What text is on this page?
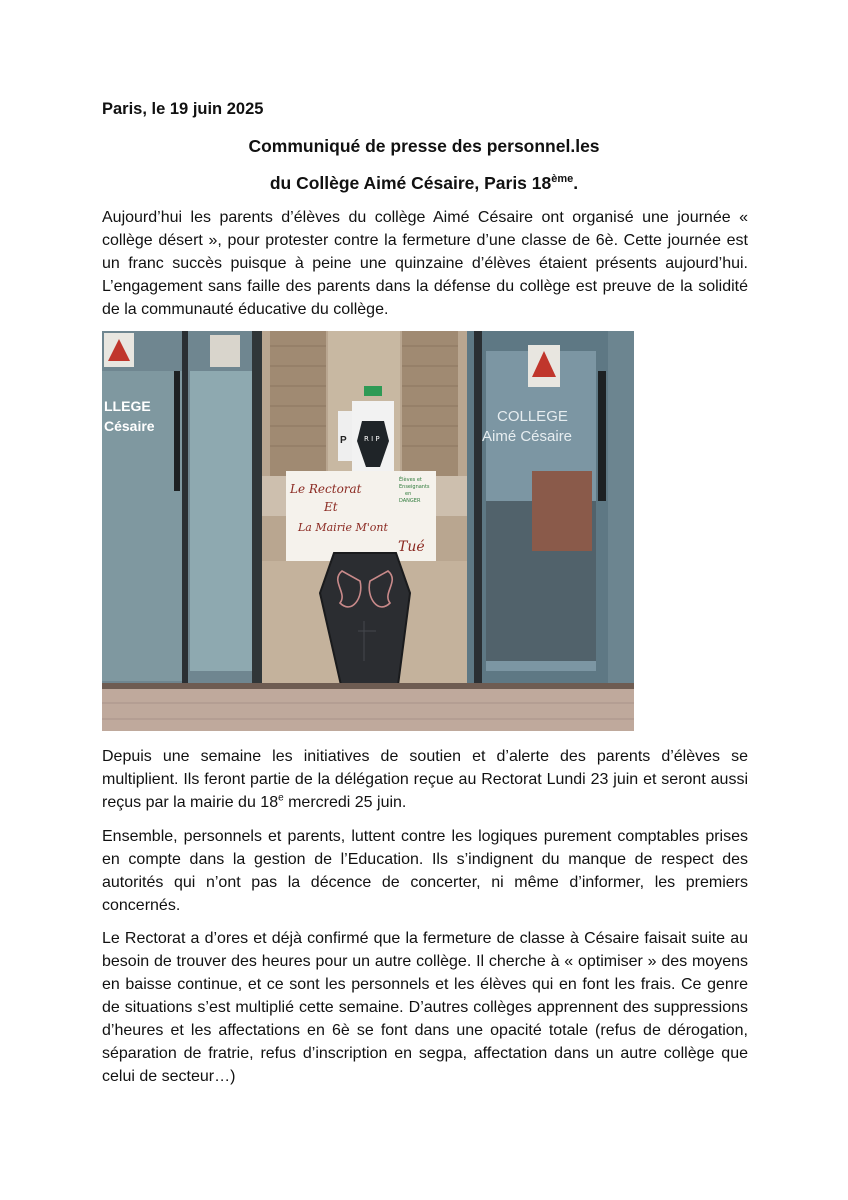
Paris, le 19 juin 2025
Communiqué de presse des personnel.les
du Collège Aimé Césaire, Paris 18ème.

Aujourd’hui les parents d’élèves du collège Aimé Césaire ont organisé une journée « collège désert », pour protester contre la fermeture d’une classe de 6è. Cette journée est un franc succès puisque à peine une quinzaine d’élèves étaient présents aujourd’hui. L’engagement sans faille des parents dans la défense du collège est preuve de la solidité de la communauté éducative du collège.

LLEGE
Césaire
R I P
P
Le Rectorat
Et
La Mairie M'ont
Tué
Élèves et
Enseignants
en
DANGER
COLLEGE
Aimé Césaire

Depuis une semaine les initiatives de soutien et d’alerte des parents d’élèves se multiplient. Ils feront partie de la délégation reçue au Rectorat Lundi 23 juin et seront aussi reçus par la mairie du 18e mercredi 25 juin.

Ensemble, personnels et parents, luttent contre les logiques purement comptables prises en compte dans la gestion de l’Education. Ils s’indignent du manque de respect des autorités qui n’ont pas la décence de concerter, ni même d’informer, les premiers concernés.

Le Rectorat a d’ores et déjà confirmé que la fermeture de classe à Césaire faisait suite au besoin de trouver des heures pour un autre collège. Il cherche à « optimiser » des moyens en baisse continue, et ce sont les personnels et les élèves qui en font les frais. Ce genre de situations s’est multiplié cette semaine. D’autres collèges apprennent des suppressions d’heures et les affectations en 6è se font dans une opacité totale (refus de dérogation, séparation de fratrie, refus d’inscription en segpa, affectation dans un autre collège que celui de secteur…)
